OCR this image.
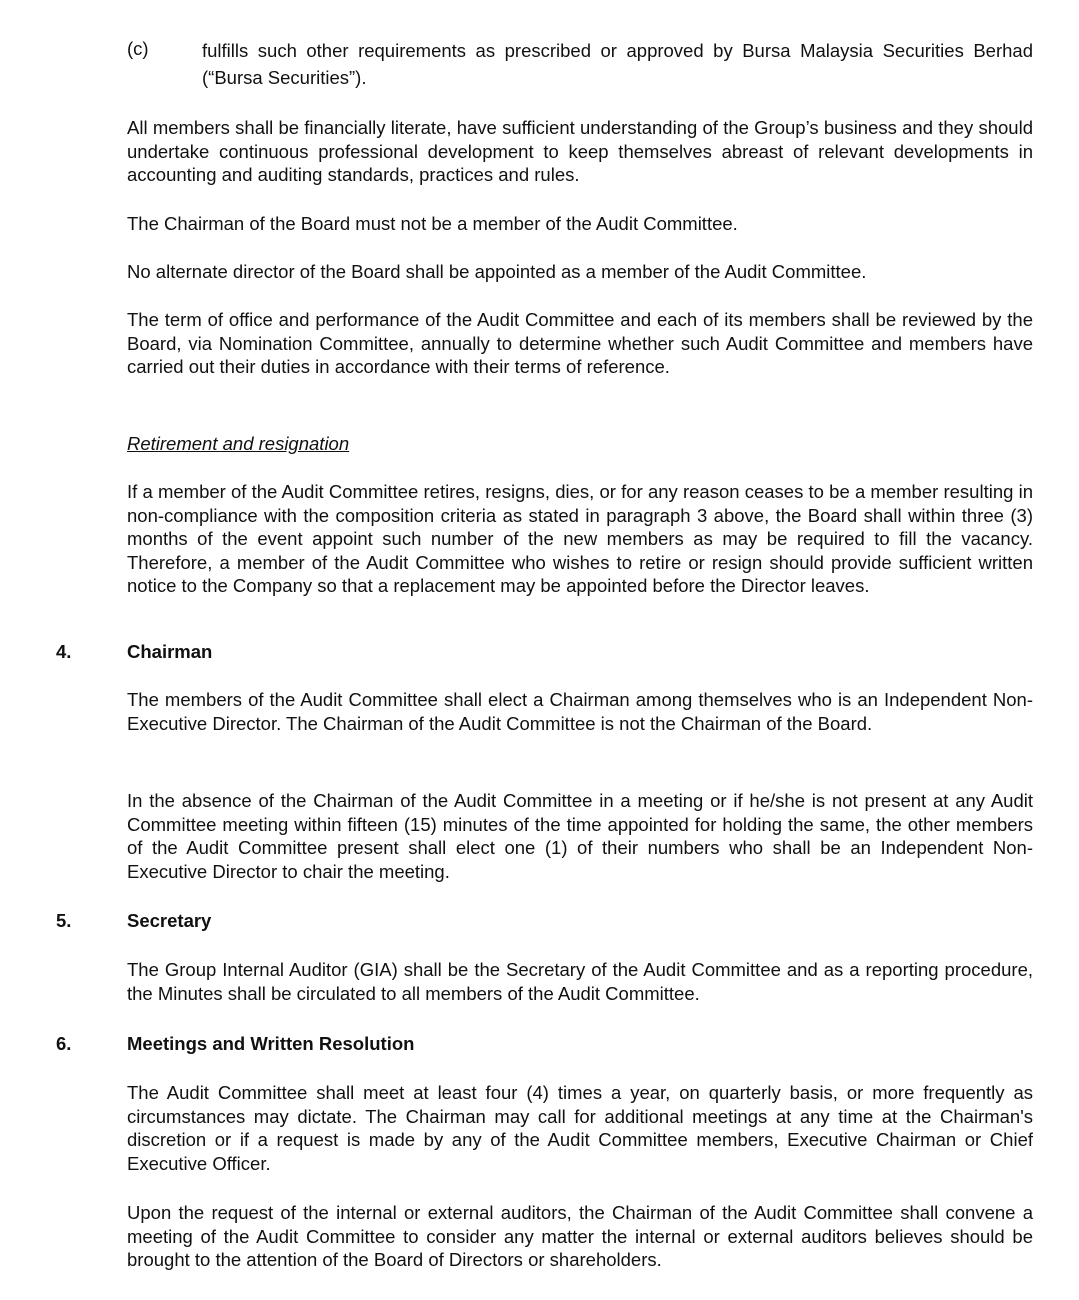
(c)	fulfills such other requirements as prescribed or approved by Bursa Malaysia Securities Berhad (“Bursa Securities”).

All members shall be financially literate, have sufficient understanding of the Group’s business and they should undertake continuous professional development to keep themselves abreast of relevant developments in accounting and auditing standards, practices and rules.

The Chairman of the Board must not be a member of the Audit Committee.

No alternate director of the Board shall be appointed as a member of the Audit Committee.

The term of office and performance of the Audit Committee and each of its members shall be reviewed by the Board, via Nomination Committee, annually to determine whether such Audit Committee and members have carried out their duties in accordance with their terms of reference.

Retirement and resignation

If a member of the Audit Committee retires, resigns, dies, or for any reason ceases to be a member resulting in non-compliance with the composition criteria as stated in paragraph 3 above, the Board shall within three (3) months of the event appoint such number of the new members as may be required to fill the vacancy. Therefore, a member of the Audit Committee who wishes to retire or resign should provide sufficient written notice to the Company so that a replacement may be appointed before the Director leaves.

4.	Chairman

The members of the Audit Committee shall elect a Chairman among themselves who is an Independent Non-Executive Director. The Chairman of the Audit Committee is not the Chairman of the Board.

In the absence of the Chairman of the Audit Committee in a meeting or if he/she is not present at any Audit Committee meeting within fifteen (15) minutes of the time appointed for holding the same, the other members of the Audit Committee present shall elect one (1) of their numbers who shall be an Independent Non-Executive Director to chair the meeting.

5.	Secretary

The Group Internal Auditor (GIA) shall be the Secretary of the Audit Committee and as a reporting procedure, the Minutes shall be circulated to all members of the Audit Committee.

6.	Meetings and Written Resolution

The Audit Committee shall meet at least four (4) times a year, on quarterly basis, or more frequently as circumstances may dictate. The Chairman may call for additional meetings at any time at the Chairman's discretion or if a request is made by any of the Audit Committee members, Executive Chairman or Chief Executive Officer.

Upon the request of the internal or external auditors, the Chairman of the Audit Committee shall convene a meeting of the Audit Committee to consider any matter the internal or external auditors believes should be brought to the attention of the Board of Directors or shareholders.
